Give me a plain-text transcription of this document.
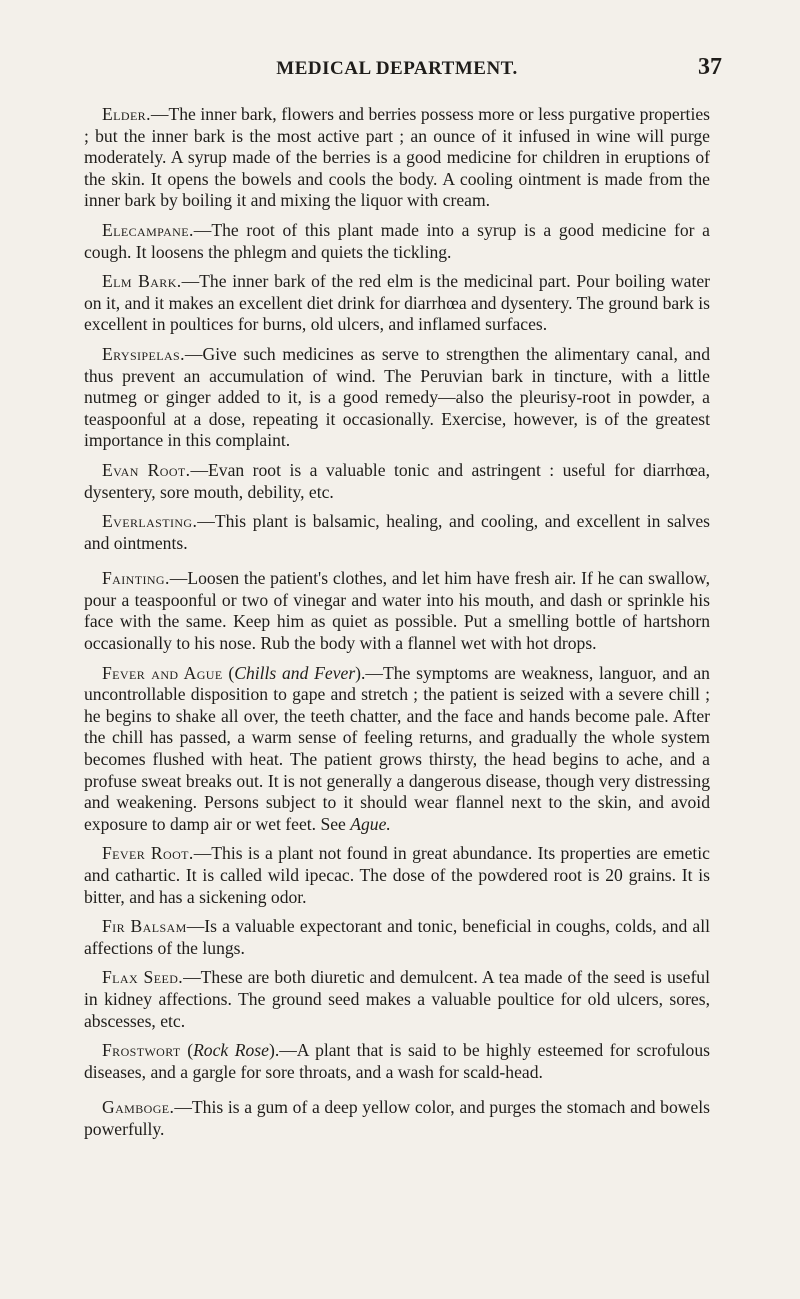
MEDICAL DEPARTMENT.	37

Elder.—The inner bark, flowers and berries possess more or less purgative properties ; but the inner bark is the most active part ; an ounce of it infused in wine will purge moderately. A syrup made of the berries is a good medicine for children in eruptions of the skin. It opens the bowels and cools the body. A cooling ointment is made from the inner bark by boiling it and mixing the liquor with cream.

Elecampane.—The root of this plant made into a syrup is a good medicine for a cough. It loosens the phlegm and quiets the tickling.

Elm Bark.—The inner bark of the red elm is the medicinal part. Pour boiling water on it, and it makes an excellent diet drink for diarrhœa and dysentery. The ground bark is excellent in poultices for burns, old ulcers, and inflamed surfaces.

Erysipelas.—Give such medicines as serve to strengthen the alimentary canal, and thus prevent an accumulation of wind. The Peruvian bark in tincture, with a little nutmeg or ginger added to it, is a good remedy—also the pleurisy-root in powder, a teaspoonful at a dose, repeating it occasionally. Exercise, however, is of the greatest importance in this complaint.

Evan Root.—Evan root is a valuable tonic and astringent : useful for diarrhœa, dysentery, sore mouth, debility, etc.

Everlasting.—This plant is balsamic, healing, and cooling, and excellent in salves and ointments.

Fainting.—Loosen the patient's clothes, and let him have fresh air. If he can swallow, pour a teaspoonful or two of vinegar and water into his mouth, and dash or sprinkle his face with the same. Keep him as quiet as possible. Put a smelling bottle of hartshorn occasionally to his nose. Rub the body with a flannel wet with hot drops.

Fever and Ague (Chills and Fever).—The symptoms are weakness, languor, and an uncontrollable disposition to gape and stretch ; the patient is seized with a severe chill ; he begins to shake all over, the teeth chatter, and the face and hands become pale. After the chill has passed, a warm sense of feeling returns, and gradually the whole system becomes flushed with heat. The patient grows thirsty, the head begins to ache, and a profuse sweat breaks out. It is not generally a dangerous disease, though very distressing and weakening. Persons subject to it should wear flannel next to the skin, and avoid exposure to damp air or wet feet. See Ague.

Fever Root.—This is a plant not found in great abundance. Its properties are emetic and cathartic. It is called wild ipecac. The dose of the powdered root is 20 grains. It is bitter, and has a sickening odor.

Fir Balsam—Is a valuable expectorant and tonic, beneficial in coughs, colds, and all affections of the lungs.

Flax Seed.—These are both diuretic and demulcent. A tea made of the seed is useful in kidney affections. The ground seed makes a valuable poultice for old ulcers, sores, abscesses, etc.

Frostwort (Rock Rose).—A plant that is said to be highly esteemed for scrofulous diseases, and a gargle for sore throats, and a wash for scald-head.

Gamboge.—This is a gum of a deep yellow color, and purges the stomach and bowels powerfully.
